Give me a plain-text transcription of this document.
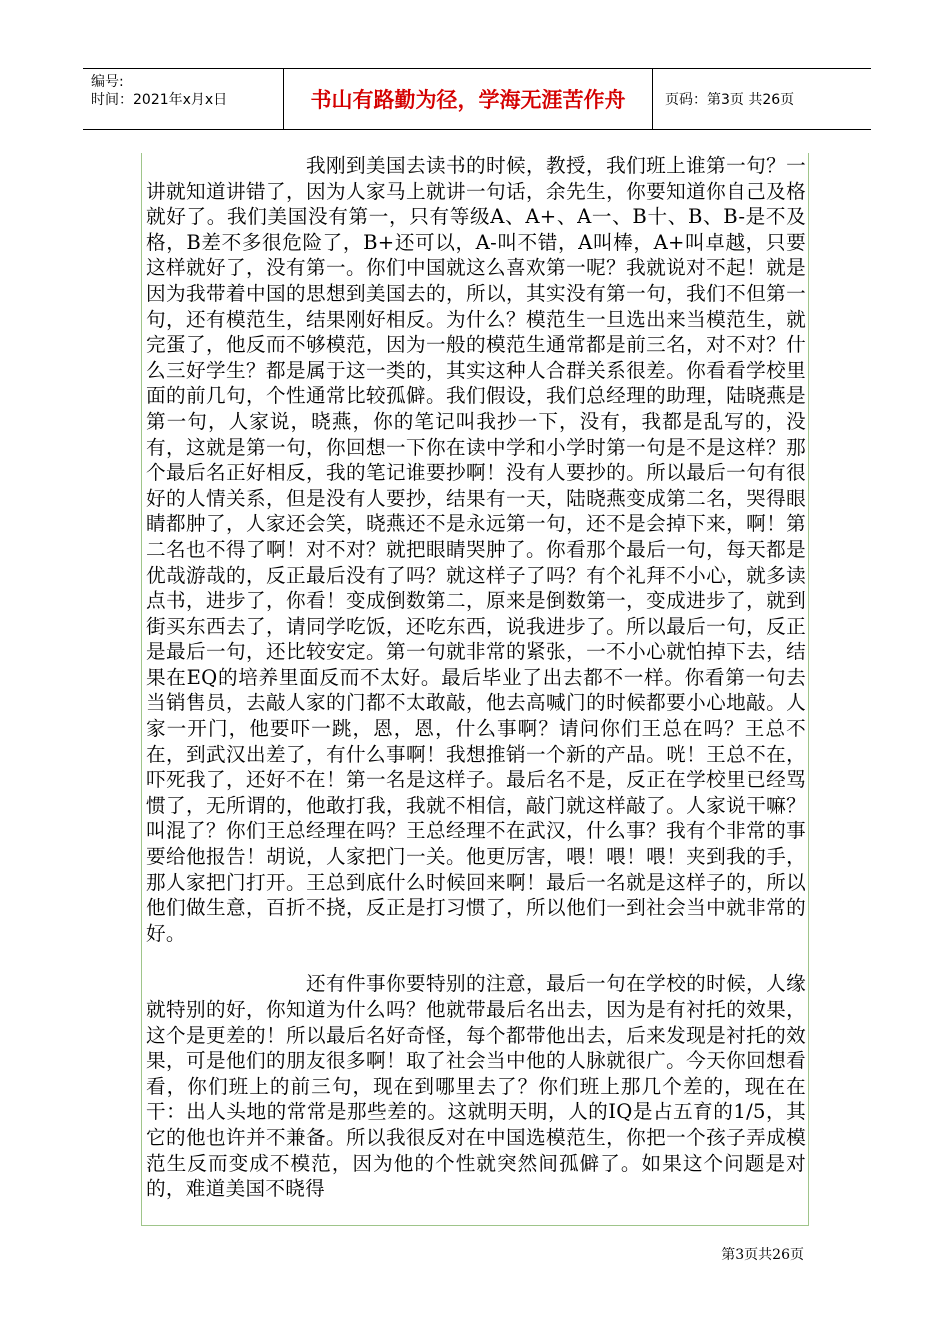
编号:
时间：2021年x月x日	书山有路勤为径，学海无涯苦作舟	页码：第3页 共26页

我刚到美国去读书的时候，教授，我们班上谁第一句？一讲就知道讲错了，因为人家马上就讲一句话，余先生，你要知道你自己及格就好了。我们美国没有第一，只有等级A、A+、A一、B十、B、B-是不及格，B差不多很危险了，B+还可以，A-叫不错，A叫棒，A+叫卓越，只要这样就好了，没有第一。你们中国就这么喜欢第一呢？我就说对不起！就是因为我带着中国的思想到美国去的，所以，其实没有第一句，我们不但第一句，还有模范生，结果刚好相反。为什么？模范生一旦选出来当模范生，就完蛋了，他反而不够模范，因为一般的模范生通常都是前三名，对不对？什么三好学生？都是属于这一类的，其实这种人合群关系很差。你看看学校里面的前几句，个性通常比较孤僻。我们假设，我们总经理的助理，陆晓燕是第一句，人家说，晓燕，你的笔记叫我抄一下，没有，我都是乱写的，没有，这就是第一句，你回想一下你在读中学和小学时第一句是不是这样？那个最后名正好相反，我的笔记谁要抄啊！没有人要抄的。所以最后一句有很好的人情关系，但是没有人要抄，结果有一天，陆晓燕变成第二名，哭得眼睛都肿了，人家还会笑，晓燕还不是永远第一句，还不是会掉下来，啊！第二名也不得了啊！对不对？就把眼睛哭肿了。你看那个最后一句，每天都是优哉游哉的，反正最后没有了吗？就这样子了吗？有个礼拜不小心，就多读点书，进步了，你看！变成倒数第二，原来是倒数第一，变成进步了，就到街买东西去了，请同学吃饭，还吃东西，说我进步了。所以最后一句，反正是最后一句，还比较安定。第一句就非常的紧张，一不小心就怕掉下去，结果在EQ的培养里面反而不太好。最后毕业了出去都不一样。你看第一句去当销售员，去敲人家的门都不太敢敲，他去高喊门的时候都要小心地敲。人家一开门，他要吓一跳，恩，恩，什么事啊？请问你们王总在吗？王总不在，到武汉出差了，有什么事啊！我想推销一个新的产品。咣！王总不在，吓死我了，还好不在！第一名是这样子。最后名不是，反正在学校里已经骂惯了，无所谓的，他敢打我，我就不相信，敲门就这样敲了。人家说干嘛？叫混了？你们王总经理在吗？王总经理不在武汉，什么事？我有个非常的事要给他报告！胡说，人家把门一关。他更厉害，喂！喂！喂！夹到我的手，那人家把门打开。王总到底什么时候回来啊！最后一名就是这样子的，所以他们做生意，百折不挠，反正是打习惯了，所以他们一到社会当中就非常的好。

还有件事你要特别的注意，最后一句在学校的时候，人缘就特别的好，你知道为什么吗？他就带最后名出去，因为是有衬托的效果，这个是更差的！所以最后名好奇怪，每个都带他出去，后来发现是衬托的效果，可是他们的朋友很多啊！取了社会当中他的人脉就很广。今天你回想看看，你们班上的前三句，现在到哪里去了？你们班上那几个差的，现在在干：出人头地的常常是那些差的。这就明天明，人的IQ是占五育的1/5，其它的他也许并不兼备。所以我很反对在中国选模范生，你把一个孩子弄成模范生反而变成不模范，因为他的个性就突然间孤僻了。如果这个问题是对的，难道美国不晓得

第3页共26页
